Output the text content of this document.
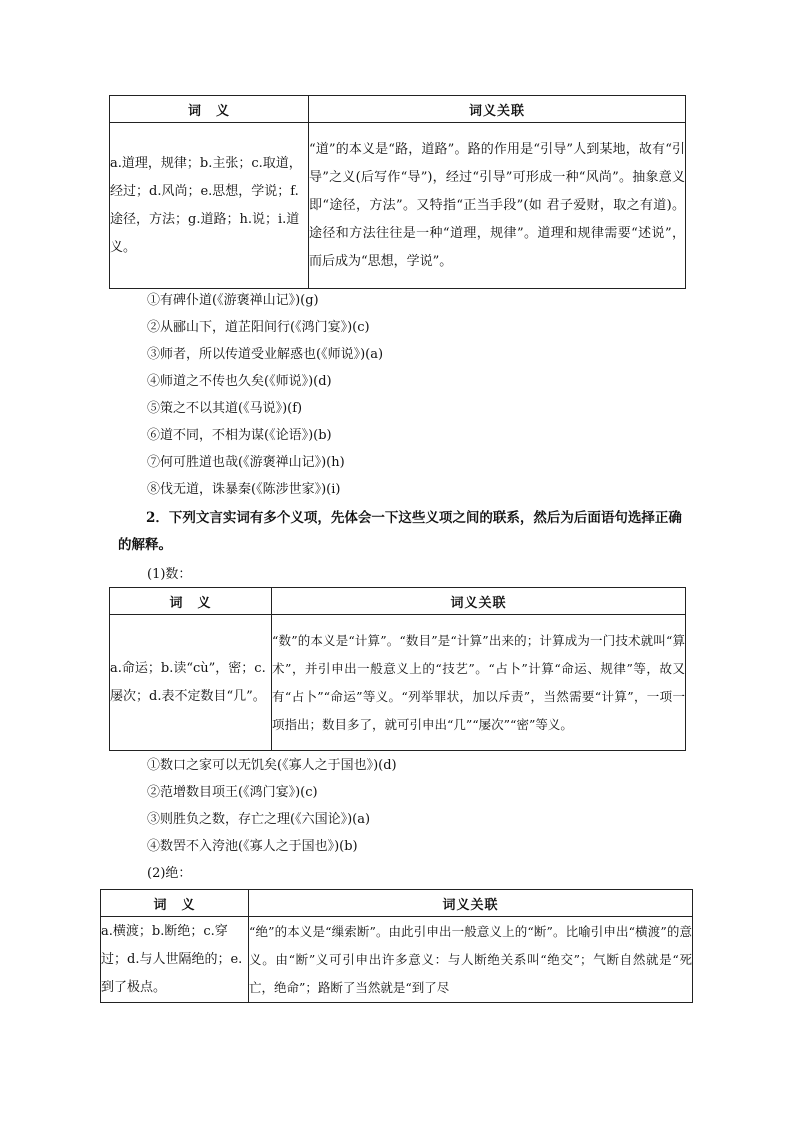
词　义	词义关联
a.道理，规律；b.主张；c.取道，经过；d.风尚；e.思想，学说；f.途径，方法；g.道路；h.说；i.道义。	“道”的本义是“路，道路”。路的作用是“引导”人到某地，故有“引导”之义(后写作“导”)，经过“引导”可形成一种“风尚”。抽象意义即“途径，方法”。又特指“正当手段”(如 君子爱财，取之有道)。途径和方法往往是一种“道理，规律”。道理和规律需要“述说”，而后成为“思想，学说”。
①有碑仆道(《游褒禅山记》)(g)
②从郦山下，道芷阳间行(《鸿门宴》)(c)
③师者，所以传道受业解惑也(《师说》)(a)
④师道之不传也久矣(《师说》)(d)
⑤策之不以其道(《马说》)(f)
⑥道不同，不相为谋(《论语》)(b)
⑦何可胜道也哉(《游褒禅山记》)(h)
⑧伐无道，诛暴秦(《陈涉世家》)(i)
2．下列文言实词有多个义项，先体会一下这些义项之间的联系，然后为后面语句选择正确的解释。
(1)数：
词　义	词义关联
a.命运；b.读“cù”，密；c.屡次；d.表不定数目“几”。	“数”的本义是“计算”。“数目”是“计算”出来的；计算成为一门技术就叫“算术”，并引申出一般意义上的“技艺”。“占卜”计算“命运、规律”等，故又有“占卜”“命运”等义。“列举罪状，加以斥责”，当然需要“计算”，一项一项指出；数目多了，就可引申出“几”“屡次”“密”等义。
①数口之家可以无饥矣(《寡人之于国也》)(d)
②范增数目项王(《鸿门宴》)(c)
③则胜负之数，存亡之理(《六国论》)(a)
④数罟不入洿池(《寡人之于国也》)(b)
(2)绝：
词　义	词义关联
a.横渡；b.断绝；c.穿过；d.与人世隔绝的；e.到了极点。	“绝”的本义是“缫索断”。由此引申出一般意义上的“断”。比喻引申出“横渡”的意义。由“断”义可引申出许多意义：与人断绝关系叫“绝交”；气断自然就是“死亡，绝命”；路断了当然就是“到了尽
